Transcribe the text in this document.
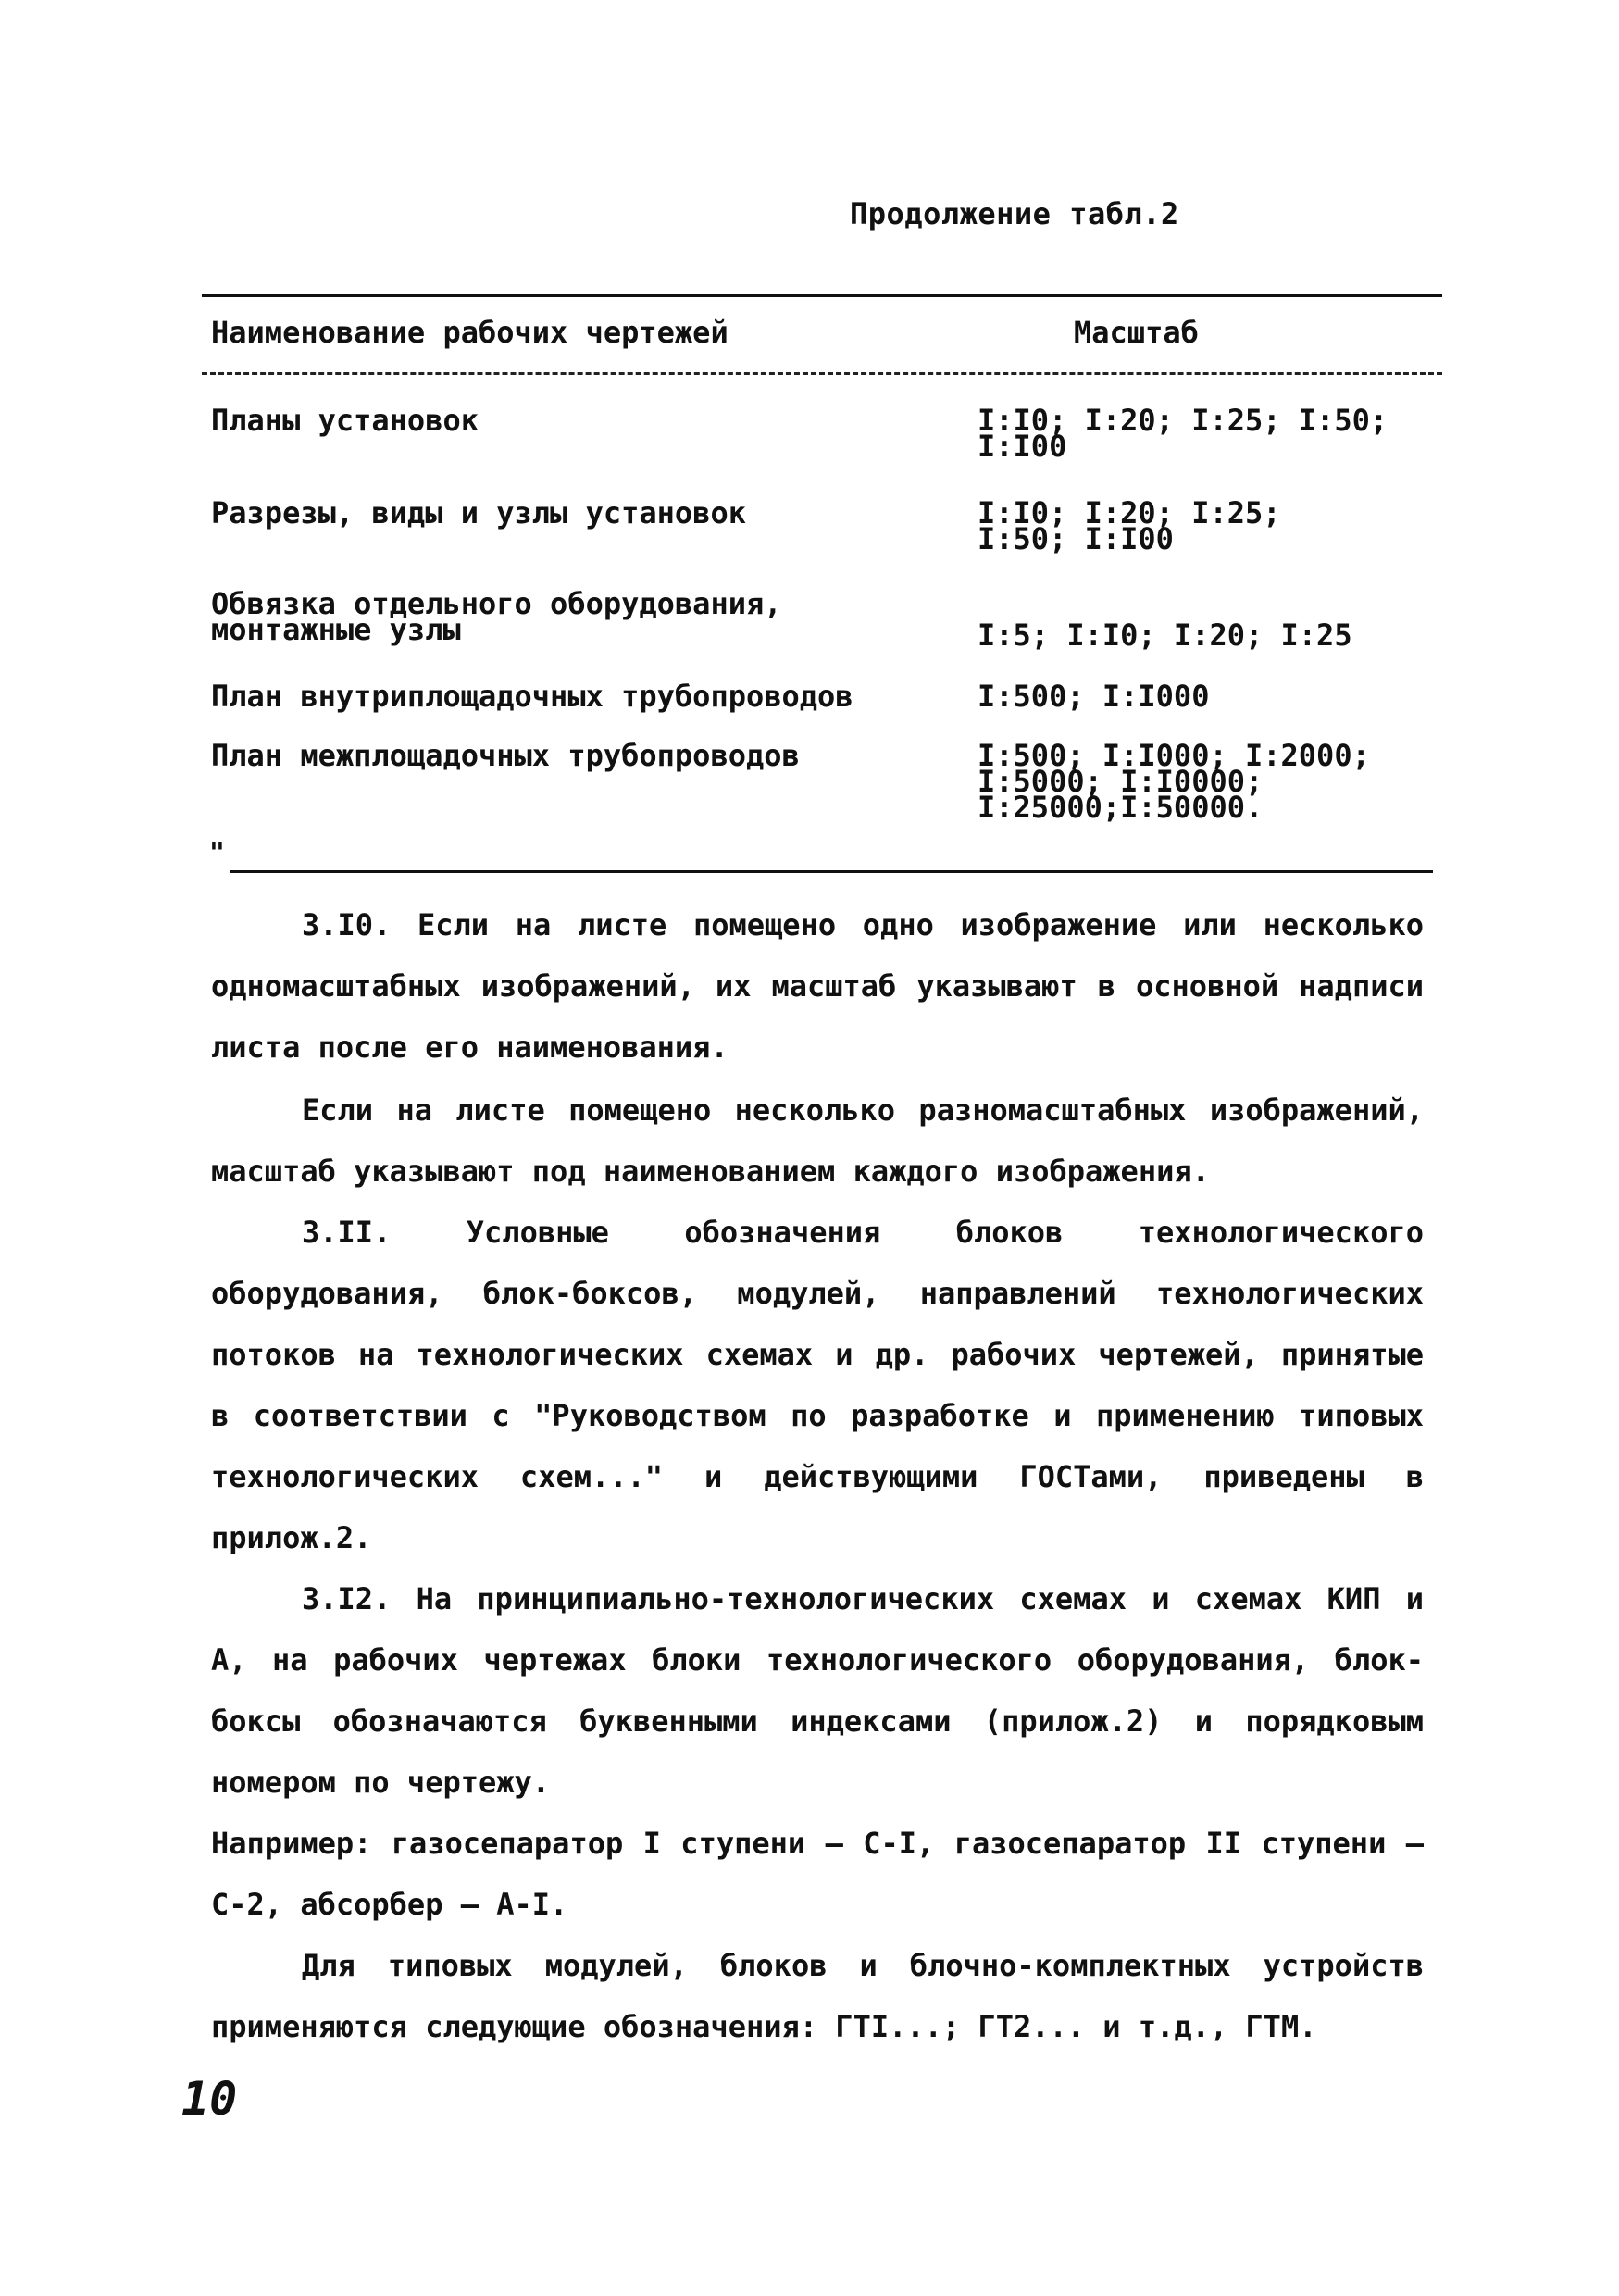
Продолжение табл.2
Наименование рабочих чертежей	Масштаб
Планы установок	I:I0; I:20; I:25; I:50;
I:I00
Разрезы, виды и узлы установок	I:I0; I:20; I:25;
I:50; I:I00
Обвязка отдельного оборудования,
монтажные узлы	I:5; I:I0; I:20; I:25
План внутриплощадочных трубопроводов	I:500; I:I000
План межплощадочных трубопроводов	I:500; I:I000; I:2000;
I:5000; I:I0000;
I:25000;I:50000.
"

3.I0. Если на листе помещено одно изображение или несколько одномасштабных изображений, их масштаб указывают в основной надписи листа после его наименования.

Если на листе помещено несколько разномасштабных изображений, масштаб указывают под наименованием каждого изображения.

3.II. Условные обозначения блоков технологического оборудования, блок-боксов, модулей, направлений технологических потоков на технологических схемах и др. рабочих чертежей, принятые в соответствии с "Руководством по разработке и применению типовых технологических схем..." и действующими ГОСТами, приведены в прилож.2.

3.I2. На принципиально-технологических схемах и схемах КИП и А, на рабочих чертежах блоки технологического оборудования, блок-боксы обозначаются буквенными индексами (прилож.2) и порядковым номером по чертежу.

Например: газосепаратор I ступени – С-I, газосепаратор II ступени – С-2, абсорбер – А-I.

Для типовых модулей, блоков и блочно-комплектных устройств применяются следующие обозначения: ГТI...; ГТ2... и т.д., ГТМ.

10
